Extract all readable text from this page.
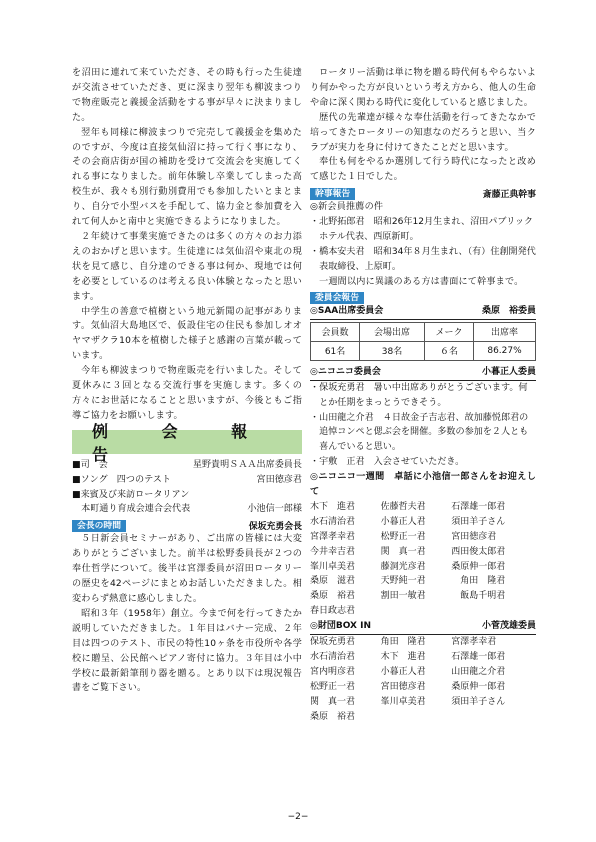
を沼田に連れて来ていただき、その時も行った生徒達が交流させていただき、更に深まり翌年も柳波まつりで物産販売と義援金活動をする事が早々に決まりました。

翌年も同様に柳波まつりで完売して義援金を集めたのですが、今度は直接気仙沼に持って行く事になり、その会商店街が国の補助を受けて交流会を実施してくれる事になりました。前年体験し卒業してしまった高校生が、我々も別行動別費用でも参加したいとまとまり、自分で小型バスを手配して、協力金と参加費を入れて何人かと南中と実施できるようになりました。

２年続けて事業実施できたのは多くの方々のお力添えのおかげと思います。生徒達には気仙沼や東北の現状を見て感じ、自分達のできる事は何か、現地では何を必要としているのは考える良い体験となったと思います。

中学生の善意で植樹という地元新聞の記事があります。気仙沼大島地区で、仮設住宅の住民も参加しオオヤマザクラ10本を植樹した様子と感謝の言葉が載っています。

今年も柳波まつりで物産販売を行いました。そして夏休みに３回となる交流行事を実施します。多くの方々にお世話になることと思いますが、今後ともご指導ご協力をお願いします。

例 会 報 告
■司　会	星野貴明ＳＡＡ出席委員長
■ソング　四つのテスト	宮田徳彦君
■来賓及び来訪ロータリアン
　本町通り育成会連合会代表	小池信一郎様
会長の時間	保坂充勇会長

５日新会員セミナーがあり、ご出席の皆様には大変ありがとうございました。前半は松野委員長が２つの奉仕哲学について。後半は宮澤委員が沼田ロータリーの歴史を42ページにまとめお話しいただきました。相変わらず熱意に感心しました。

昭和３年（1958年）創立。今まで何を行ってきたか説明していただきました。１年目はバナー完成、２年目は四つのテスト、市民の特性10ヶ条を市役所や各学校に贈呈、公民館へピアノ寄付に協力。３年目は小中学校に最新鉛筆削り器を贈る。とあり以下は現況報告書をご覧下さい。

ロータリー活動は単に物を贈る時代何もやらないより何かやった方が良いという考え方から、他人の生命や命に深く関わる時代に変化していると感じました。

歴代の先輩達が様々な奉仕活動を行ってきたなかで培ってきたロータリーの知恵なのだろうと思い、当クラブが実力を身に付けてきたことだと思います。

奉仕も何をやるか選別して行う時代になったと改めて感じた１日でした。

幹事報告	斎藤正典幹事

◎新会員推薦の件

・北野拓郎君　昭和26年12月生まれ、沼田パブリックホテル代表、西原新町。
・橋本安夫君　昭和34年８月生まれ、（有）住創開発代表取締役、上原町。

一週間以内に異議のある方は書面にて幹事まで。

委員会報告
◎SAA出席委員会	桑原　裕委員
会員数	会場出席	メーク	出席率
61名	38名	６名	86.27%
◎ニコニコ委員会	小暮正人委員
・保坂充勇君　暑い中出席ありがとうございます。何とか任期をまっとうできそう。
・山田龍之介君　４日故金子吉志君、故加藤悦郎君の追悼コンペと偲ぶ会を開催。多数の参加を２人とも喜んでいると思い。
・宇敷　正君　入会させていただき。

◎ニコニコ一週間　卓話に小池信一郎さんをお迎えして

木下　進君	佐藤哲夫君	石澤雄一郎君
水石清治君	小暮正人君	須田羊子さん
宮澤孝幸君	松野正一君	宮田徳彦君
今井幸吉君	関　真一君	西田俊太郎君
峯川卓美君	藤洞光彦君	桑原伸一郎君
桑原　滋君	天野純一君	　角田　隆君
桑原　裕君	割田一敏君	　飯島千明君
春日政志君		
◎財団BOX IN	小菅茂雄委員
保坂充勇君	角田　隆君	宮澤孝幸君
水石清治君	木下　進君	石澤雄一郎君
宮内明彦君	小暮正人君	山田龍之介君
松野正一君	宮田徳彦君	桑原伸一郎君
関　真一君	峯川卓美君	須田羊子さん
桑原　裕君		
−2−
